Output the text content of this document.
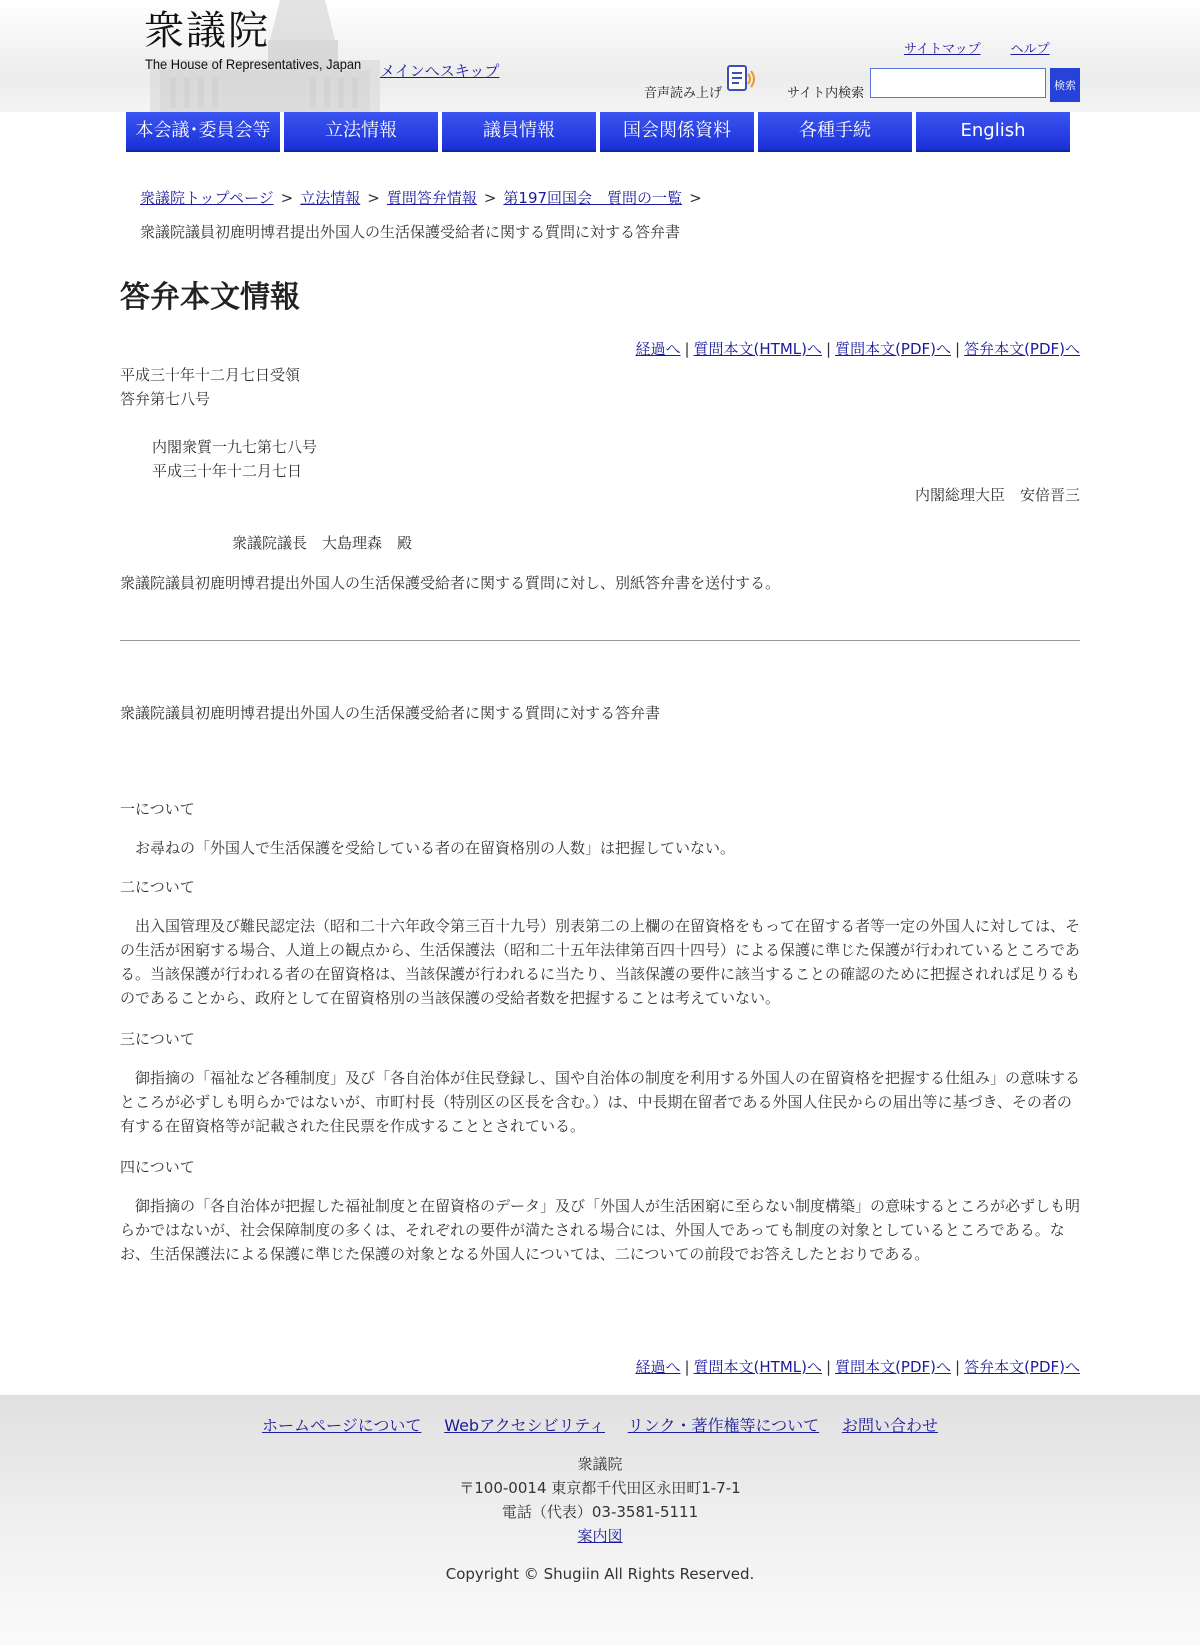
衆議院
The House of Representatives, Japan メインへスキップ
サイトマップ ヘルプ
音声読み上げ	サイト内検索
検索
本会議･委員会等	立法情報	議員情報	国会関係資料	各種手続	English
衆議院トップページ > 立法情報 > 質問答弁情報 > 第197回国会　質問の一覧 >
衆議院議員初鹿明博君提出外国人の生活保護受給者に関する質問に対する答弁書
答弁本文情報
経過へ | 質問本文(HTML)へ | 質問本文(PDF)へ | 答弁本文(PDF)へ
平成三十年十二月七日受領
答弁第七八号
内閣衆質一九七第七八号
平成三十年十二月七日
内閣総理大臣　安倍晋三
衆議院議長　大島理森　殿
衆議院議員初鹿明博君提出外国人の生活保護受給者に関する質問に対し、別紙答弁書を送付する。
衆議院議員初鹿明博君提出外国人の生活保護受給者に関する質問に対する答弁書
一について
お尋ねの「外国人で生活保護を受給している者の在留資格別の人数」は把握していない。
二について
出入国管理及び難民認定法（昭和二十六年政令第三百十九号）別表第二の上欄の在留資格をもって在留する者等一定の外国人に対しては、その生活が困窮する場合、人道上の観点から、生活保護法（昭和二十五年法律第百四十四号）による保護に準じた保護が行われているところである。当該保護が行われる者の在留資格は、当該保護が行われるに当たり、当該保護の要件に該当することの確認のために把握されれば足りるものであることから、政府として在留資格別の当該保護の受給者数を把握することは考えていない。
三について
御指摘の「福祉など各種制度」及び「各自治体が住民登録し、国や自治体の制度を利用する外国人の在留資格を把握する仕組み」の意味するところが必ずしも明らかではないが、市町村長（特別区の区長を含む。）は、中長期在留者である外国人住民からの届出等に基づき、その者の有する在留資格等が記載された住民票を作成することとされている。
四について
御指摘の「各自治体が把握した福祉制度と在留資格のデータ」及び「外国人が生活困窮に至らない制度構築」の意味するところが必ずしも明らかではないが、社会保障制度の多くは、それぞれの要件が満たされる場合には、外国人であっても制度の対象としているところである。なお、生活保護法による保護に準じた保護の対象となる外国人については、二についての前段でお答えしたとおりである。
経過へ | 質問本文(HTML)へ | 質問本文(PDF)へ | 答弁本文(PDF)へ
ホームページについて Webアクセシビリティ リンク・著作権等について お問い合わせ
衆議院
〒100-0014 東京都千代田区永田町1-7-1
電話（代表）03-3581-5111
案内図
Copyright © Shugiin All Rights Reserved.
